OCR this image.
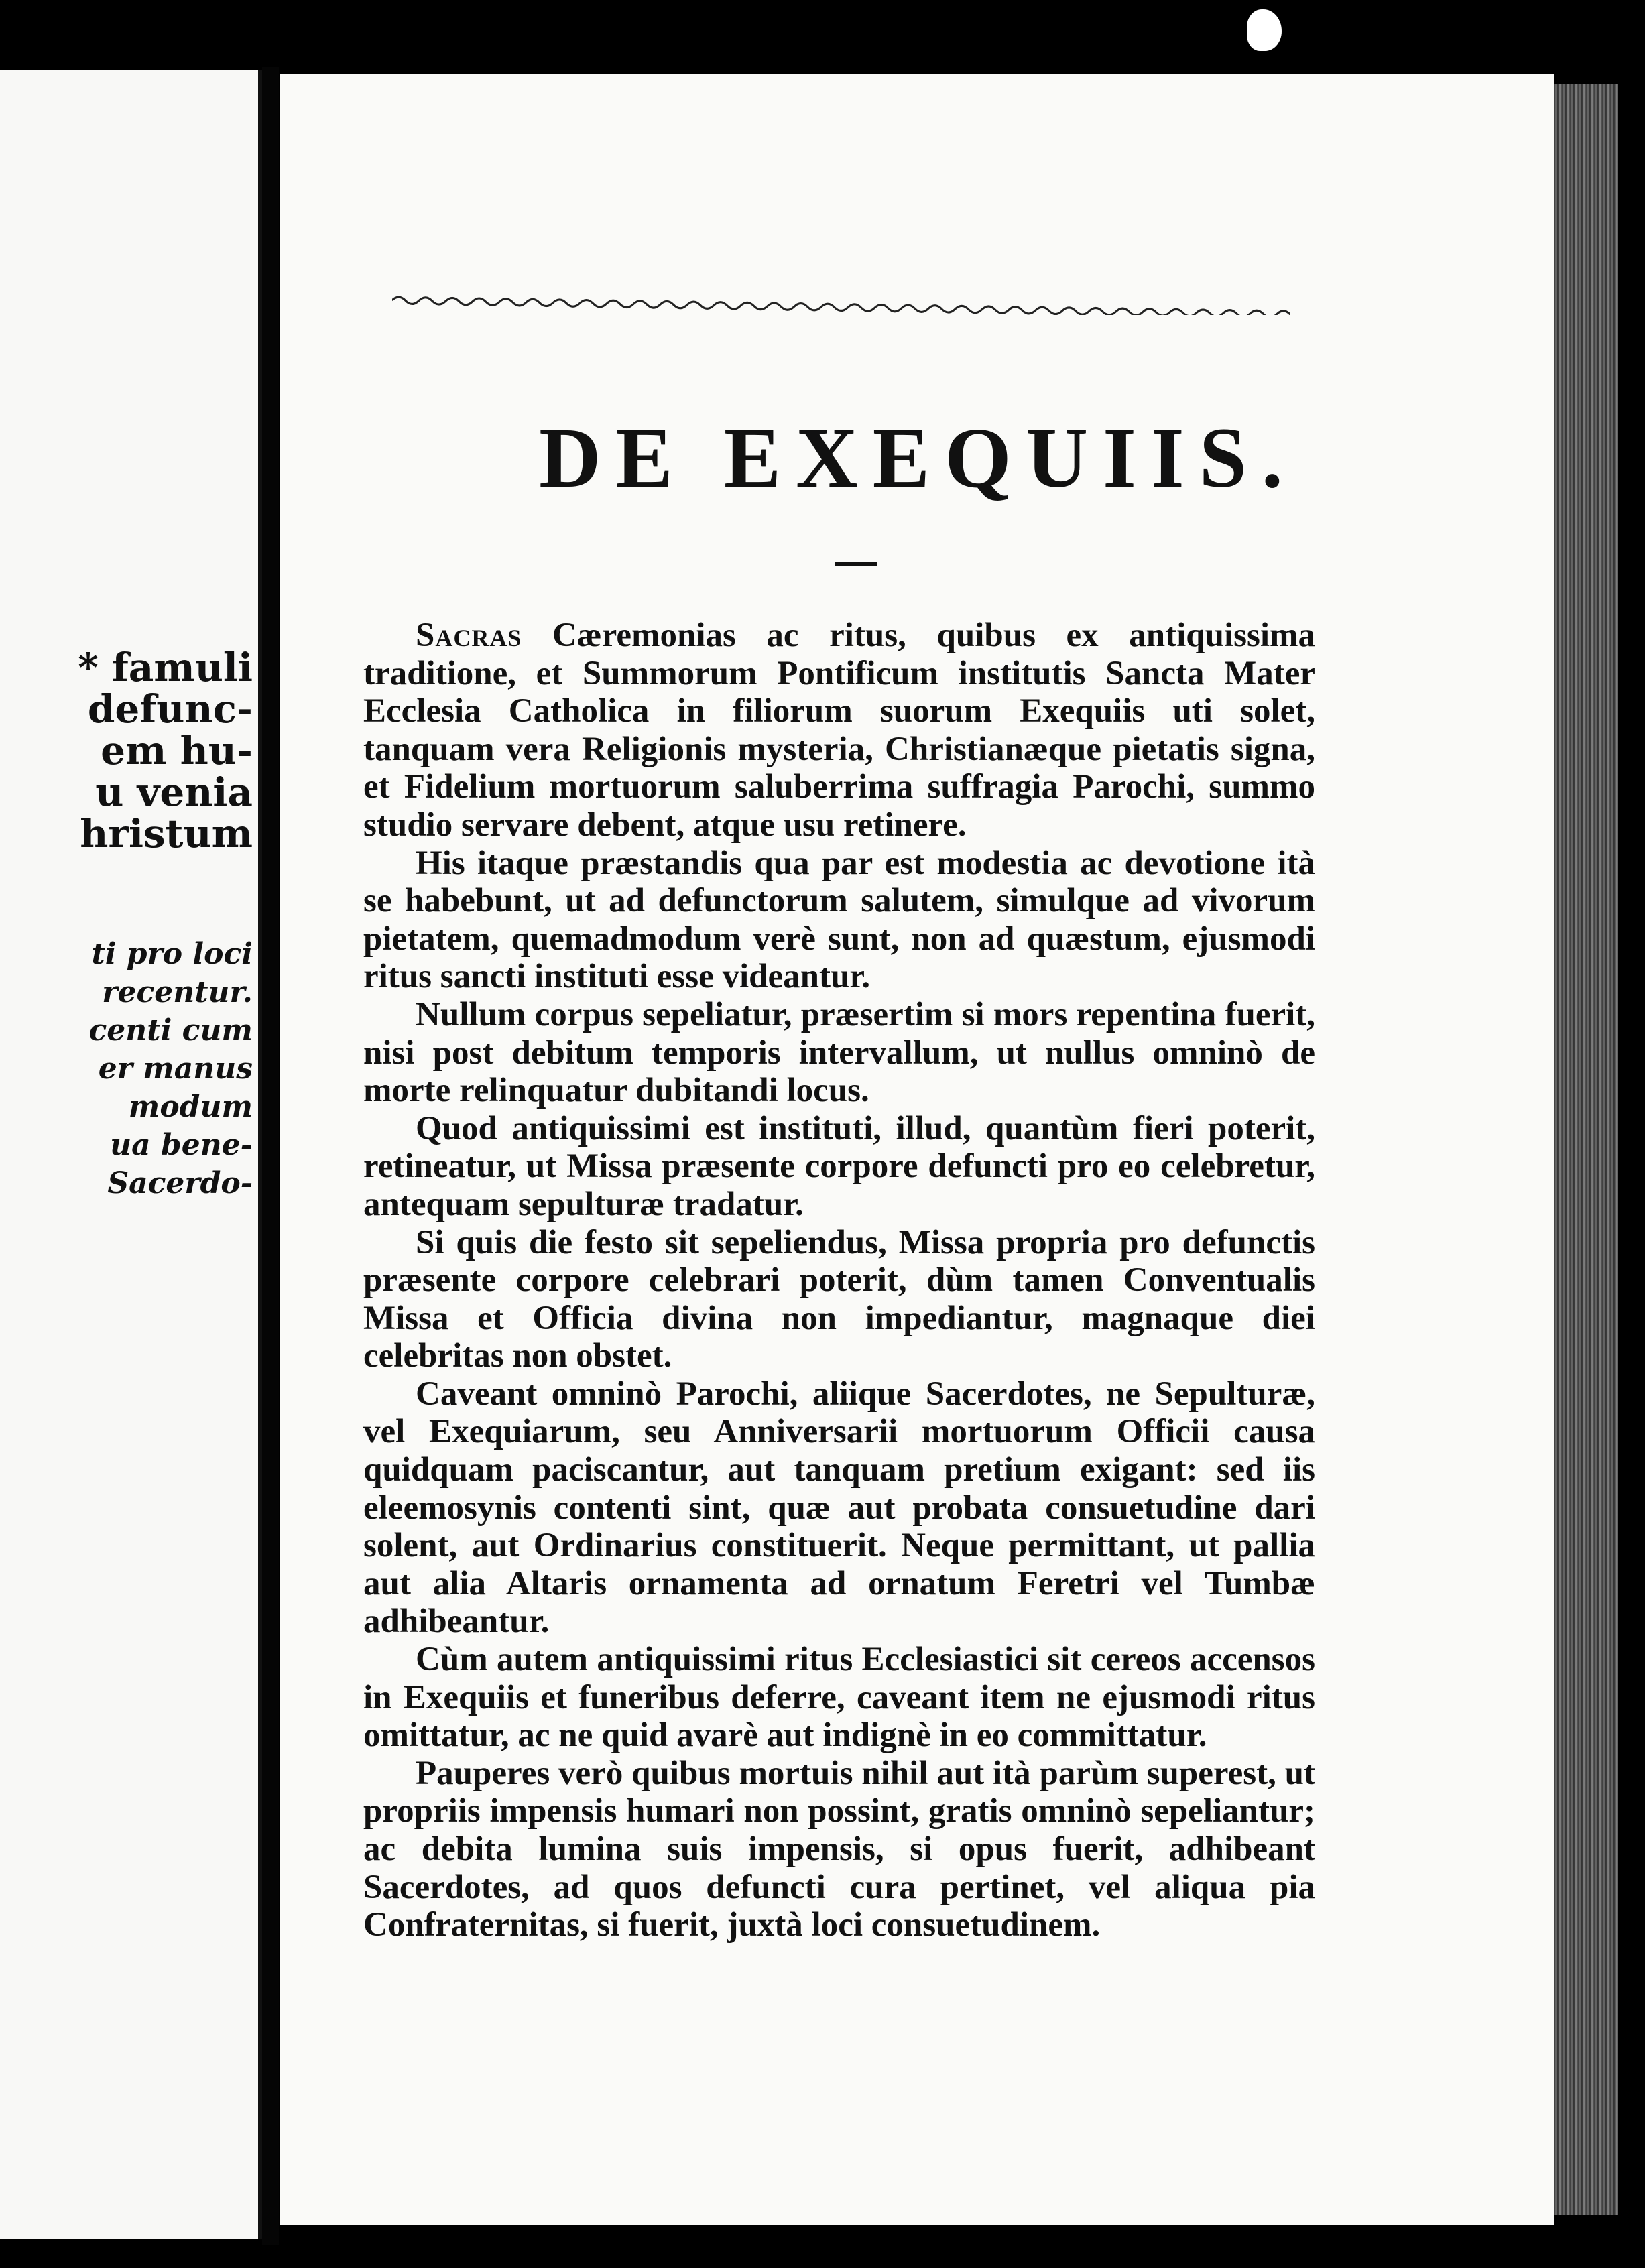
* famuli
defunc-
em hu-
u venia
hristum
ti pro loci
recentur.
centi cum
er manus
modum
ua bene-
Sacerdo-
DE EXEQUIIS.

Sacras Cæremonias ac ritus, quibus ex antiquissima traditione, et Summorum Pontificum institutis Sancta Mater Ecclesia Catholica in filiorum suorum Exequiis uti solet, tanquam vera Religionis mysteria, Christianæque pietatis signa, et Fidelium mortuorum saluberrima suffragia Parochi, summo studio servare debent, atque usu retinere.

His itaque præstandis qua par est modestia ac devotione ità se habebunt, ut ad defunctorum salutem, simulque ad vivorum pietatem, quemadmodum verè sunt, non ad quæstum, ejusmodi ritus sancti instituti esse videantur.

Nullum corpus sepeliatur, præsertim si mors repentina fuerit, nisi post debitum temporis intervallum, ut nullus omninò de morte relinquatur dubitandi locus.

Quod antiquissimi est instituti, illud, quantùm fieri poterit, retineatur, ut Missa præsente corpore defuncti pro eo celebretur, antequam sepulturæ tradatur.

Si quis die festo sit sepeliendus, Missa propria pro defunctis præsente corpore celebrari poterit, dùm tamen Conventualis Missa et Officia divina non impediantur, magnaque diei celebritas non obstet.

Caveant omninò Parochi, aliique Sacerdotes, ne Sepulturæ, vel Exequiarum, seu Anniversarii mortuorum Officii causa quidquam paciscantur, aut tanquam pretium exigant: sed iis eleemosynis contenti sint, quæ aut probata consuetudine dari solent, aut Ordinarius constituerit. Neque permittant, ut pallia aut alia Altaris ornamenta ad ornatum Feretri vel Tumbæ adhibeantur.

Cùm autem antiquissimi ritus Ecclesiastici sit cereos accensos in Exequiis et funeribus deferre, caveant item ne ejusmodi ritus omittatur, ac ne quid avarè aut indignè in eo committatur.

Pauperes verò quibus mortuis nihil aut ità parùm superest, ut propriis impensis humari non possint, gratis omninò sepeliantur; ac debita lumina suis impensis, si opus fuerit, adhibeant Sacerdotes, ad quos defuncti cura pertinet, vel aliqua pia Confraternitas, si fuerit, juxtà loci consuetudinem.
